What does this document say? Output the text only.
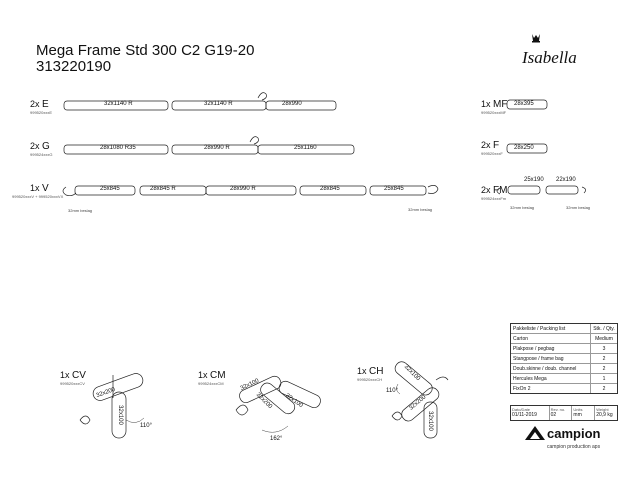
Mega Frame Std 300 C2 G19-20
313220190	Isabella
2x E
999520xxxE
2x G
999524xxxG
1x V
999520xxxV + 999520xxxVX
1x MF
999520xxxMF
2x F
999520xxxF
2x FM
999524xxxFm
1x CV
999520xxxCV
1x CM
999524xxxCM
1x CH
999520xxxCH
32x1140 R	32x1140 R	28x990
28x1080 R35	28x990 R	25x1160
25x845	28x845 R	28x990 R	28x845	25x845
32mm beslag	32mm beslag
28x395
28x250
25x190 22x190
32mm beslag	32mm beslag
32x200
32x100
110°
32x100
32x200 32x100
162°
32x100
32x200
32x100
110°
Pakkeliste / Packing list	Stk. / Qty.
Carton	Medium
Plakpose / pegbag	3
Stangpose / frame bag	2
Doub.skinne / doub. channel	2
Hercules Mega	1
FixOn 2	2
Dato/Date
01/11-2019
Rev. no.
02
Units
mm
Weight
20,9 kg
campion
campion production aps
